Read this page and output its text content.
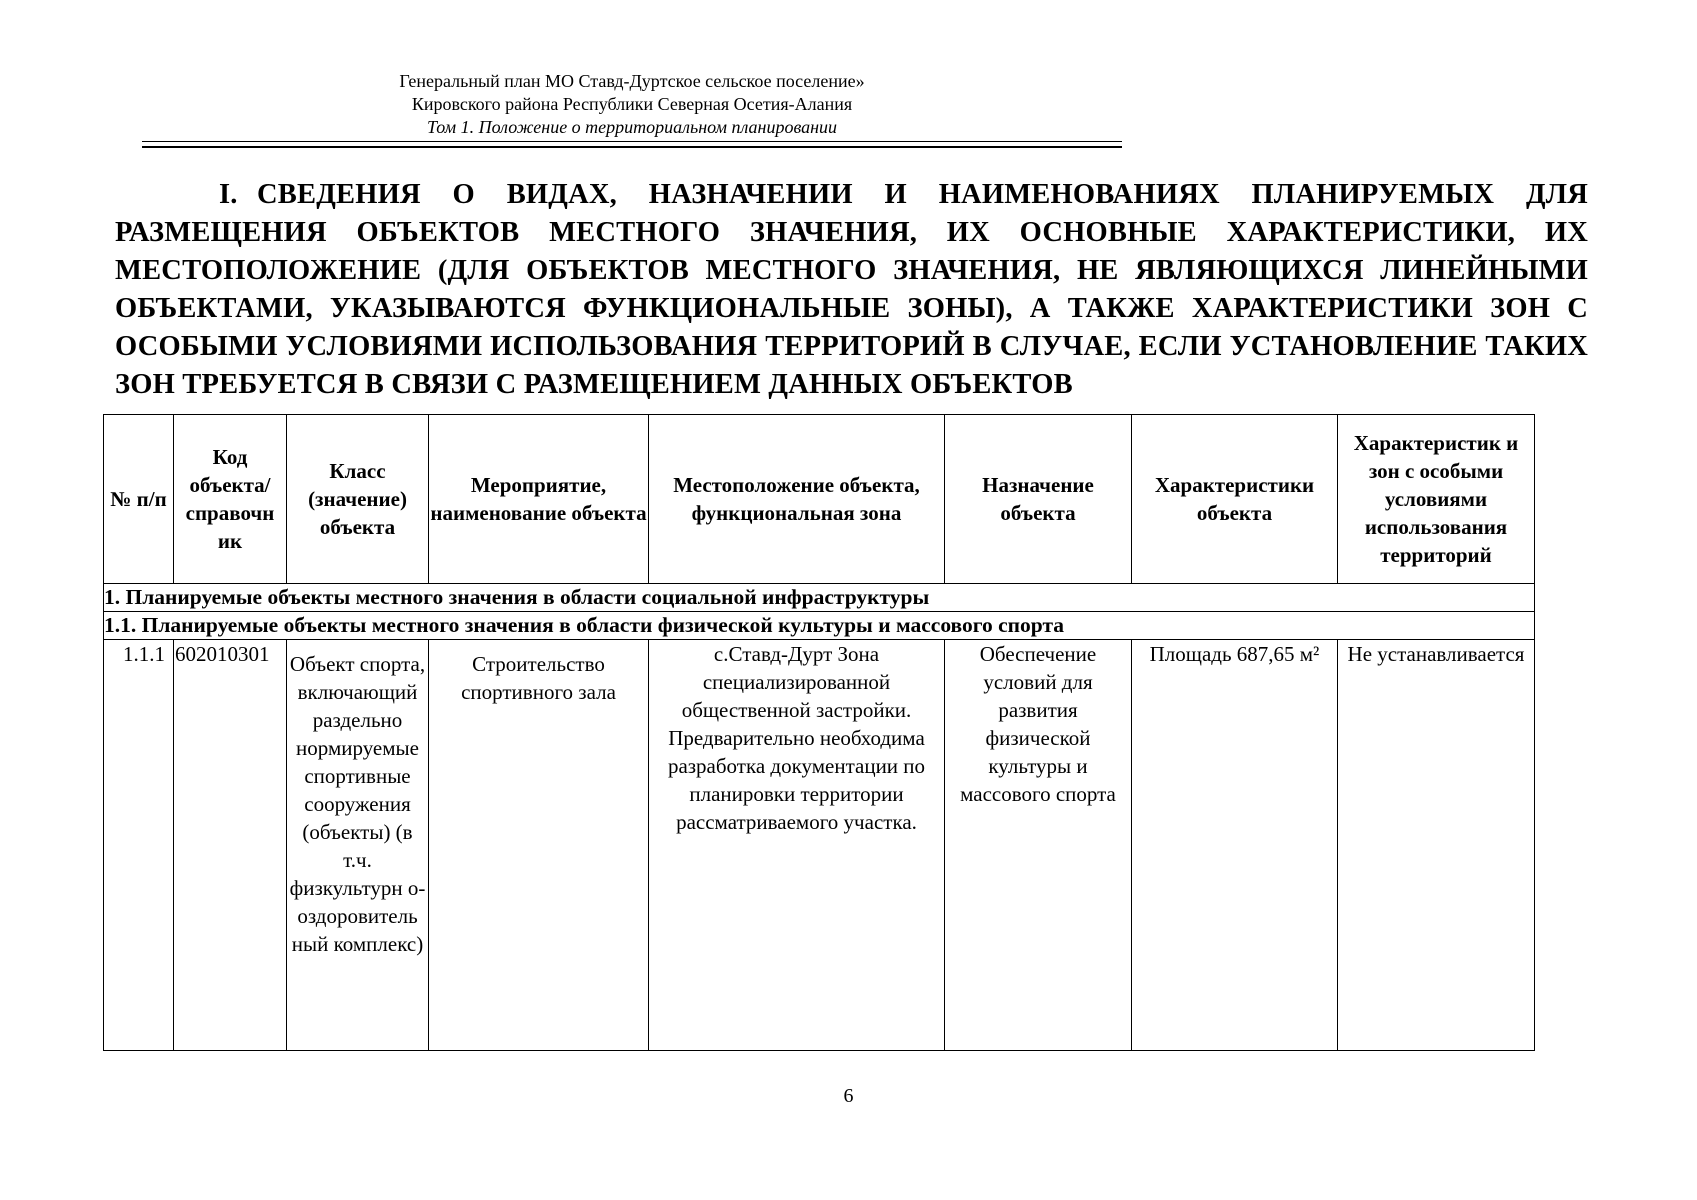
Генеральный план МО Ставд-Дуртское сельское поселение»
Кировского района Республики Северная Осетия-Алания
Том 1. Положение о территориальном планировании
I. СВЕДЕНИЯ О ВИДАХ, НАЗНАЧЕНИИ И НАИМЕНОВАНИЯХ ПЛАНИРУЕМЫХ ДЛЯ РАЗМЕЩЕНИЯ ОБЪЕКТОВ МЕСТНОГО ЗНАЧЕНИЯ, ИХ ОСНОВНЫЕ ХАРАКТЕРИСТИКИ, ИХ МЕСТОПОЛОЖЕНИЕ (ДЛЯ ОБЪЕКТОВ МЕСТНОГО ЗНАЧЕНИЯ, НЕ ЯВЛЯЮЩИХСЯ ЛИНЕЙНЫМИ ОБЪЕКТАМИ, УКАЗЫВАЮТСЯ ФУНКЦИОНАЛЬНЫЕ ЗОНЫ), А ТАКЖЕ ХАРАКТЕРИСТИКИ ЗОН С ОСОБЫМИ УСЛОВИЯМИ ИСПОЛЬЗОВАНИЯ ТЕРРИТОРИЙ В СЛУЧАЕ, ЕСЛИ УСТАНОВЛЕНИЕ ТАКИХ ЗОН ТРЕБУЕТСЯ В СВЯЗИ С РАЗМЕЩЕНИЕМ ДАННЫХ ОБЪЕКТОВ
№ п/п	Код объекта/ справочн ик	Класс (значение) объекта	Мероприятие, наименование объекта	Местоположение объекта, функциональная зона	Назначение объекта	Характеристики объекта	Характеристик и зон с особыми условиями использования территорий
1. Планируемые объекты местного значения в области социальной инфраструктуры							
1.1. Планируемые объекты местного значения в области физической культуры и массового спорта							
1.1.1	602010301	Объект спорта, включающий раздельно нормируемые спортивные сооружения (объекты) (в т.ч. физкультурн о-оздоровитель ный комплекс)	Строительство спортивного зала	с.Ставд-Дурт Зона специализированной общественной застройки. Предварительно необходима разработка документации по планировки территории рассматриваемого участка.	Обеспечение условий для развития физической культуры и массового спорта	Площадь 687,65 м²	Не устанавливается
6
